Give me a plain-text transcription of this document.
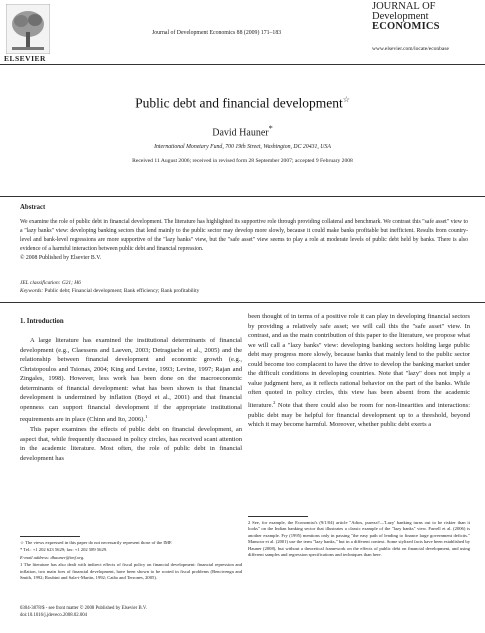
ELSEVIER
Journal of Development Economics 88 (2009) 171–183
JOURNAL OF
Development
ECONOMICS
www.elsevier.com/locate/econbase
Public debt and financial development☆
David Hauner*
International Monetary Fund, 700 19th Street, Washington, DC 20431, USA
Received 11 August 2006; received in revised form 28 September 2007; accepted 9 February 2008
Abstract
We examine the role of public debt in financial development. The literature has highlighted its supportive role through providing collateral and benchmark. We contrast this "safe asset" view to a "lazy banks" view: developing banking sectors that lend mainly to the public sector may develop more slowly, because it could make banks profitable but inefficient. Results from country-level and bank-level regressions are more supportive of the "lazy banks" view, but the "safe asset" view seems to play a role at moderate levels of public debt held by banks. There is also evidence of a harmful interaction between public debt and financial repression.
© 2008 Published by Elsevier B.V.
JEL classification: G21; H6
Keywords: Public debt; Financial development; Bank efficiency; Bank profitability
1. Introduction

A large literature has examined the institutional determinants of financial development (e.g., Claessens and Laeven, 2003; Detragiache et al., 2005) and the relationship between financial development and economic growth (e.g., Christopoulos and Tsionas, 2004; King and Levine, 1993; Levine, 1997; Rajan and Zingales, 1998). However, less work has been done on the macroeconomic determinants of financial development: what has been shown is that financial development is undermined by inflation (Boyd et al., 2001) and that financial openness can support financial development if the appropriate institutional requirements are in place (Chinn and Ito, 2006).$^1$

This paper examines the effects of public debt on financial development, an aspect that, while frequently discussed in policy circles, has received scant attention in the academic literature. Most often, the role of public debt in financial development has

been thought of in terms of a positive role it can play in developing financial sectors by providing a relatively safe asset; we will call this the "safe asset" view. In contrast, and as the main contribution of this paper to the literature, we propose what we will call a "lazy banks" view: developing banking sectors holding large public debt may progress more slowly, because banks that mainly lend to the public sector could become too complacent to have the drive to develop the banking market under the difficult conditions in developing countries. Note that "lazy" does not imply a value judgment here, as it reflects rational behavior on the part of the banks. While often quoted in policy circles, this view has been absent from the academic literature.$^2$ Note that there could also be room for non-linearities and interactions: public debt may be helpful for financial development up to a threshold, beyond which it may become harmful. Moreover, whether public debt exerts a

☆ The views expressed in this paper do not necessarily represent those of the IMF.

* Tel.: +1 202 623 5629; fax: +1 202 589 5629.

E-mail address: dhauner@imf.org.

1 The literature has also dealt with indirect effects of fiscal policy on financial development: financial repression and inflation, two main foes of financial development, have been shown to be rooted in fiscal problems (Bencivenga and Smith, 1992; Roubini and Sala-i-Martin, 1992; Catão and Terrones, 2005).

2 See, for example, the Economist's (9/1/04) article "Adios, pureza?—'Lazy' banking turns out to be riskier than it looks" on the Indian banking sector that illustrates a classic example of the "lazy banks" view. Farrell et al. (2006) is another example. Fry (1995) mentions only in passing "the easy path of lending to finance large government deficits." Mansoor et al. (2001) use the term "lazy banks," but in a different context. Some stylized facts have been established by Hauner (2008), but without a theoretical framework on the effects of public debt on financial development, and using different samples and regression specifications and techniques than here.

0304-3878/$ - see front matter © 2008 Published by Elsevier B.V.
doi:10.1016/j.jdeveco.2008.02.004
